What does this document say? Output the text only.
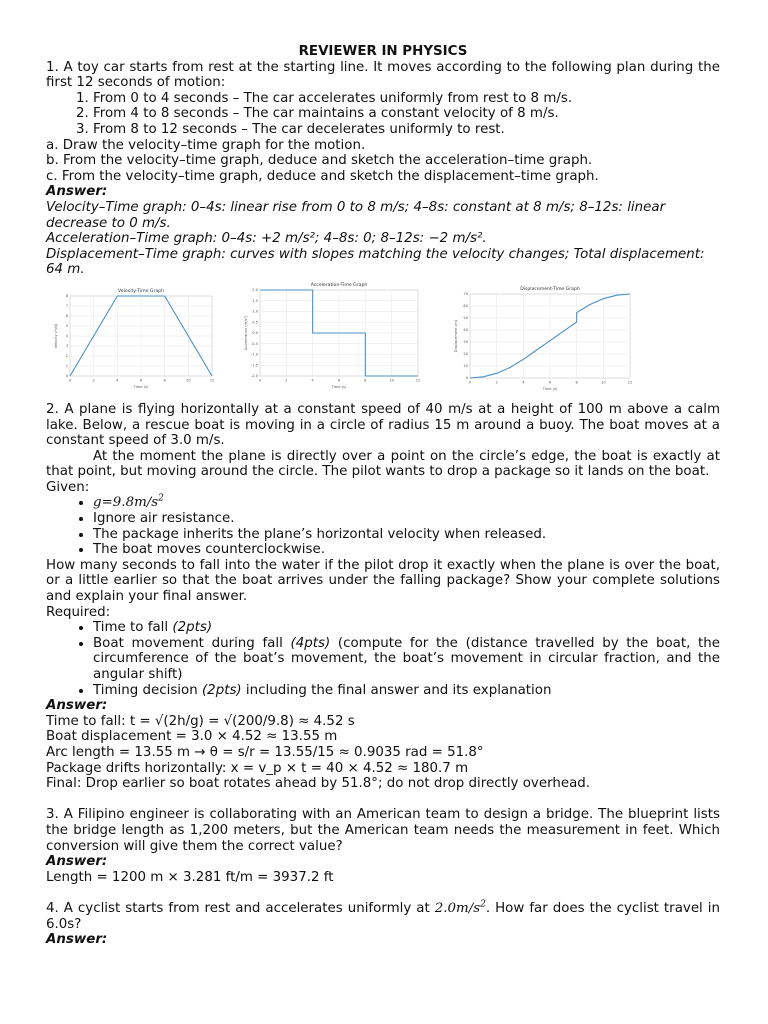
REVIEWER IN PHYSICS
1. A toy car starts from rest at the starting line. It moves according to the following plan during the first 12 seconds of motion:
1. From 0 to 4 seconds – The car accelerates uniformly from rest to 8 m/s.
2. From 4 to 8 seconds – The car maintains a constant velocity of 8 m/s.
3. From 8 to 12 seconds – The car decelerates uniformly to rest.
a. Draw the velocity–time graph for the motion.
b. From the velocity–time graph, deduce and sketch the acceleration–time graph.
c. From the velocity–time graph, deduce and sketch the displacement–time graph.
Answer:
Velocity–Time graph: 0–4s: linear rise from 0 to 8 m/s; 4–8s: constant at 8 m/s; 8–12s: linear decrease to 0 m/s.
Acceleration–Time graph: 0–4s: +2 m/s²; 4–8s: 0; 8–12s: −2 m/s².
Displacement–Time graph: curves with slopes matching the velocity changes; Total displacement: 64 m.
0	2	4	6	8	10	12
0
1
2
3
4
5
6
7
8
Velocity-Time Graph
Time (s)
Velocity (m/s)
0	2	4	6	8	10	12
-2.0
-1.5
-1.0
-0.5
0.0
0.5
1.0
1.5
2.0
Acceleration-Time Graph
Time (s)
Acceleration (m/s²)
0	2	4	6	8	10	12
0
10
20
30
40
50
60
70
Displacement-Time Graph
Time (s)
Displacement (m)
2. A plane is flying horizontally at a constant speed of 40 m/s at a height of 100 m above a calm lake. Below, a rescue boat is moving in a circle of radius 15 m around a buoy. The boat moves at a constant speed of 3.0 m/s.
At the moment the plane is directly over a point on the circle’s edge, the boat is exactly at that point, but moving around the circle. The pilot wants to drop a package so it lands on the boat.
Given:
• $g=9.8m/s^2$
• Ignore air resistance.
• The package inherits the plane’s horizontal velocity when released.
• The boat moves counterclockwise.
How many seconds to fall into the water if the pilot drop it exactly when the plane is over the boat, or a little earlier so that the boat arrives under the falling package? Show your complete solutions and explain your final answer.
Required:
• Time to fall (2pts)
• Boat movement during fall (4pts) (compute for the (distance travelled by the boat, the circumference of the boat’s movement, the boat’s movement in circular fraction, and the angular shift)
• Timing decision (2pts) including the final answer and its explanation
Answer:
Time to fall: t = √(2h/g) = √(200/9.8) ≈ 4.52 s
Boat displacement = 3.0 × 4.52 ≈ 13.55 m
Arc length = 13.55 m → θ = s/r = 13.55/15 ≈ 0.9035 rad = 51.8°
Package drifts horizontally: x = v_p × t = 40 × 4.52 ≈ 180.7 m
Final: Drop earlier so boat rotates ahead by 51.8°; do not drop directly overhead.
3. A Filipino engineer is collaborating with an American team to design a bridge. The blueprint lists the bridge length as 1,200 meters, but the American team needs the measurement in feet. Which conversion will give them the correct value?
Answer:
Length = 1200 m × 3.281 ft/m = 3937.2 ft
4. A cyclist starts from rest and accelerates uniformly at $2.0m/s^2$. How far does the cyclist travel in 6.0s?
Answer:
